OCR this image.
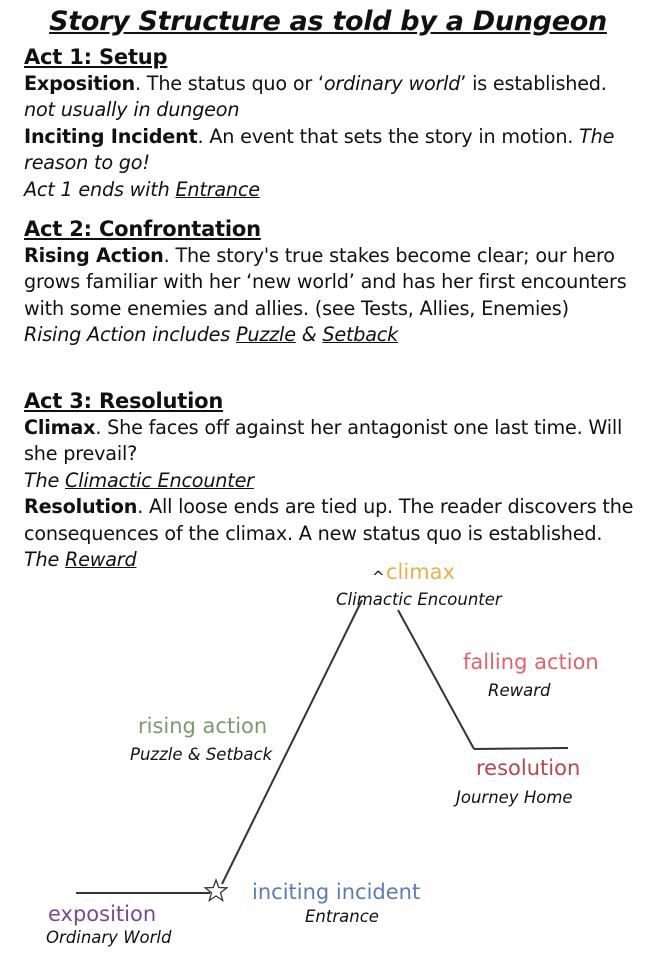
Story Structure as told by a Dungeon
Act 1: Setup
Exposition. The status quo or ‘ordinary world’ is established.
not usually in dungeon
Inciting Incident. An event that sets the story in motion. The reason to go!
Act 1 ends with Entrance
Act 2: Confrontation
Rising Action. The story's true stakes become clear; our hero grows familiar with her ‘new world’ and has her first encounters with some enemies and allies. (see Tests, Allies, Enemies)
Rising Action includes Puzzle & Setback
Act 3: Resolution
Climax. She faces off against her antagonist one last time. Will she prevail?
The Climactic Encounter
Resolution. All loose ends are tied up. The reader discovers the consequences of the climax. A new status quo is established.
The Reward
^ climax
Climactic Encounter
falling action
Reward
rising action
Puzzle & Setback
resolution
Journey Home
inciting incident
Entrance
exposition
Ordinary World
